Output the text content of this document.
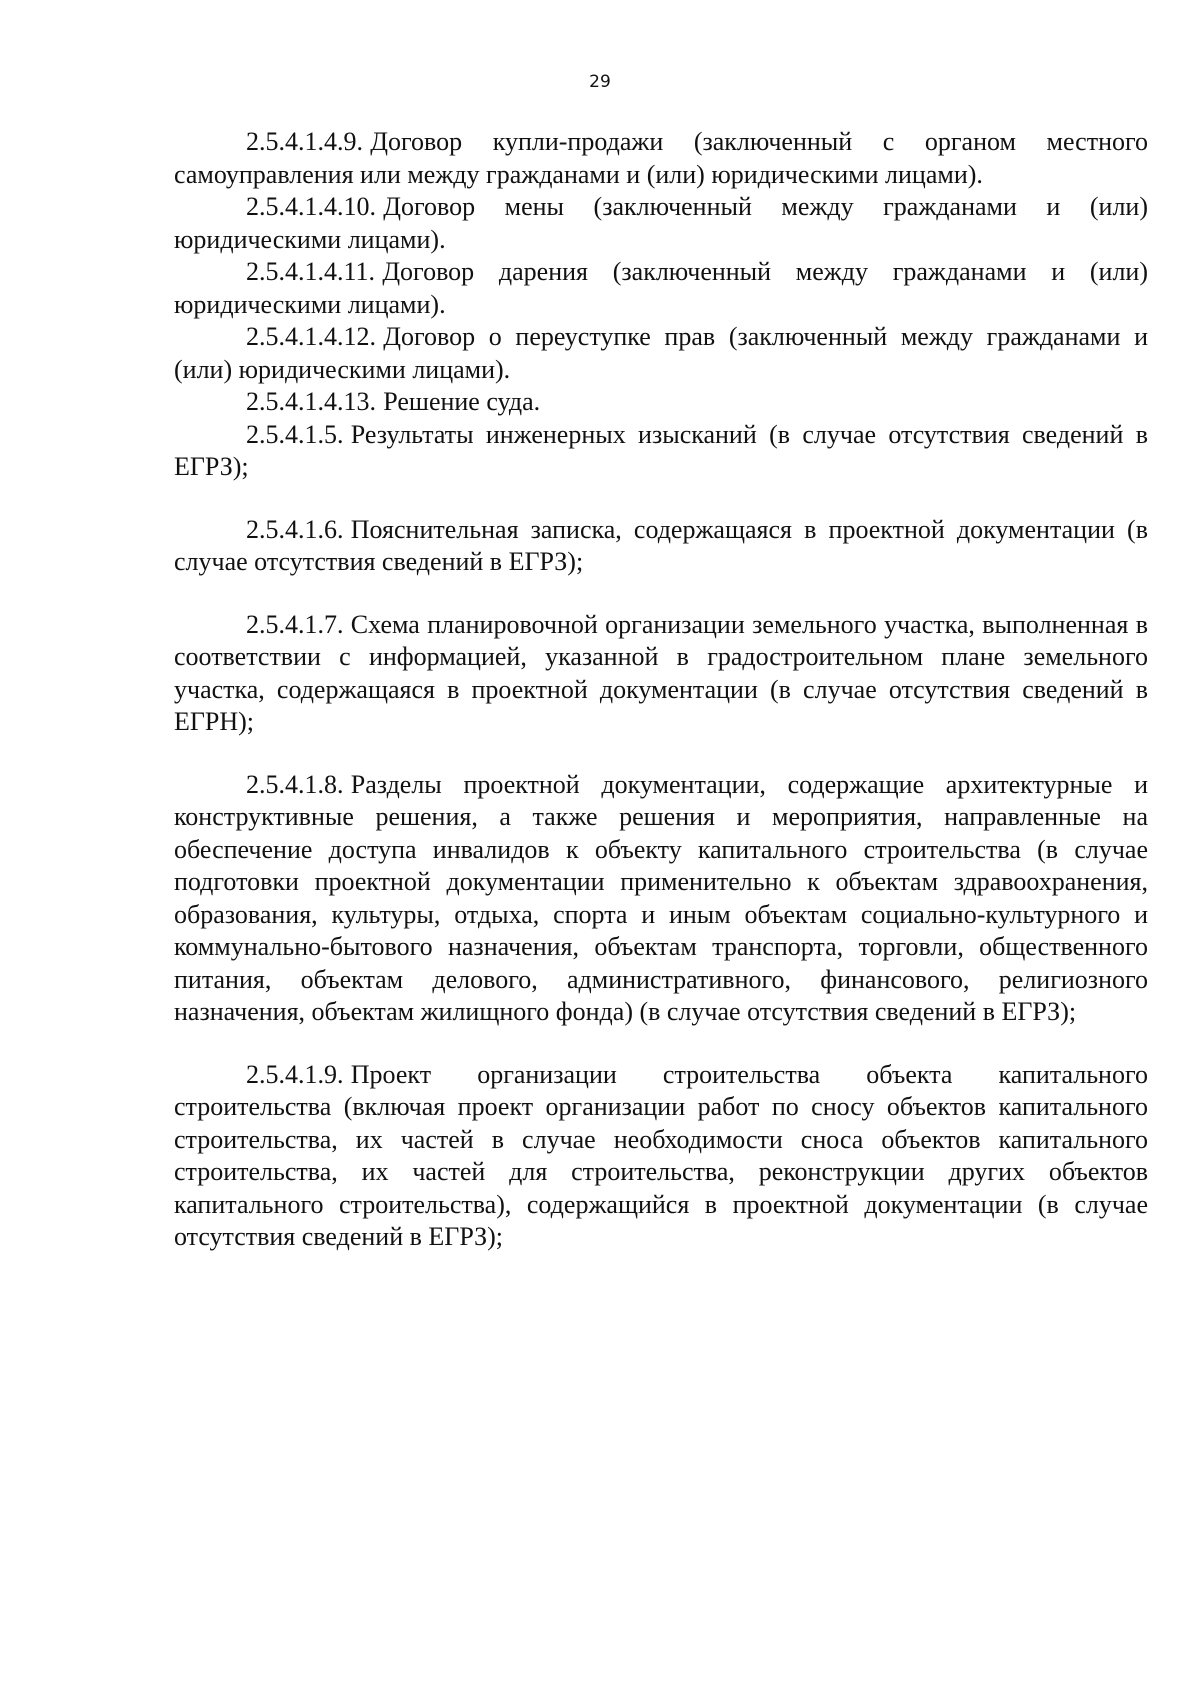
29

2.5.4.1.4.9. Договор купли-продажи (заключенный с органом местного самоуправления или между гражданами и (или) юридическими лицами).

2.5.4.1.4.10. Договор мены (заключенный между гражданами и (или) юридическими лицами).

2.5.4.1.4.11. Договор дарения (заключенный между гражданами и (или) юридическими лицами).

2.5.4.1.4.12. Договор о переуступке прав (заключенный между гражданами и (или) юридическими лицами).

2.5.4.1.4.13. Решение суда.

2.5.4.1.5. Результаты инженерных изысканий (в случае отсутствия сведений в ЕГРЗ);

2.5.4.1.6. Пояснительная записка, содержащаяся в проектной документации (в случае отсутствия сведений в ЕГРЗ);

2.5.4.1.7. Схема планировочной организации земельного участка, выполненная в соответствии с информацией, указанной в градостроительном плане земельного участка, содержащаяся в проектной документации (в случае отсутствия сведений в ЕГРН);

2.5.4.1.8. Разделы проектной документации, содержащие архитектурные и конструктивные решения, а также решения и мероприятия, направленные на обеспечение доступа инвалидов к объекту капитального строительства (в случае подготовки проектной документации применительно к объектам здравоохранения, образования, культуры, отдыха, спорта и иным объектам социально-культурного и коммунально-бытового назначения, объектам транспорта, торговли, общественного питания, объектам делового, административного, финансового, религиозного назначения, объектам жилищного фонда) (в случае отсутствия сведений в ЕГРЗ);

2.5.4.1.9. Проект организации строительства объекта капитального строительства (включая проект организации работ по сносу объектов капитального строительства, их частей в случае необходимости сноса объектов капитального строительства, их частей для строительства, реконструкции других объектов капитального строительства), содержащийся в проектной документации (в случае отсутствия сведений в ЕГРЗ);
